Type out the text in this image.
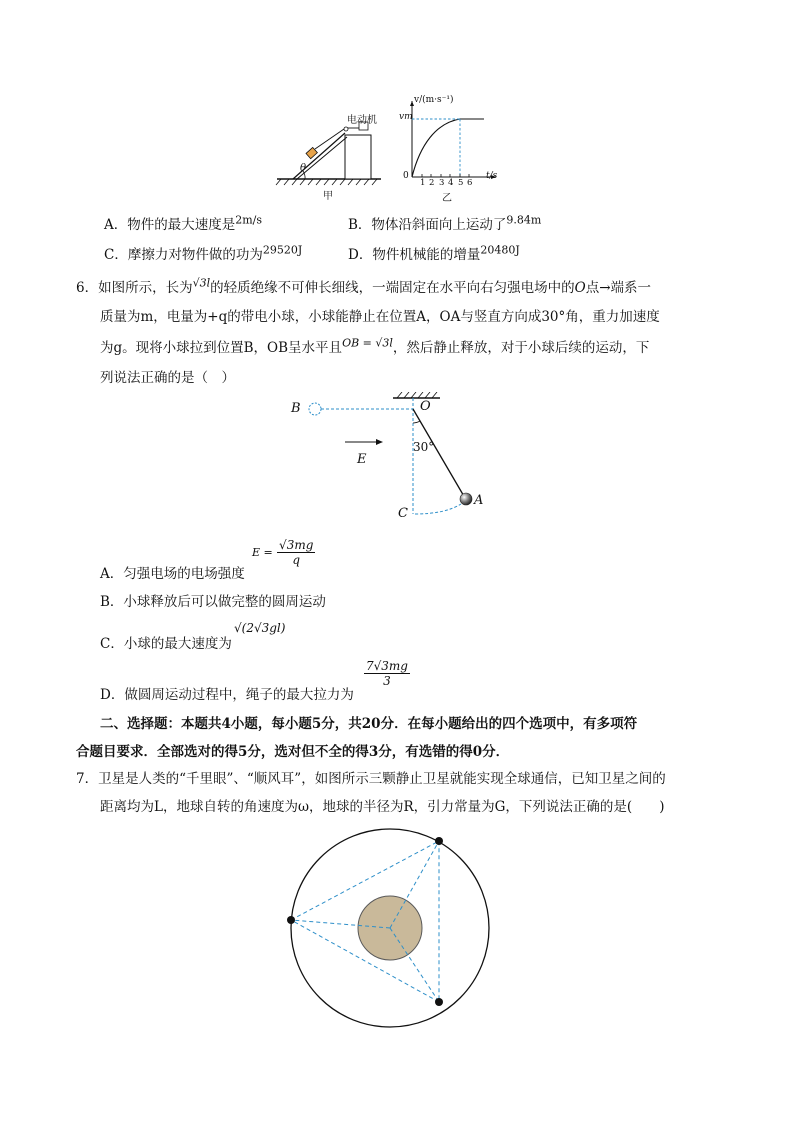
电动机
θ
甲
v/(m·s⁻¹)
vm
0
1 2 3 4 5 6
t/s
乙
A．物件的最大速度是$^{2m/s}$	B．物体沿斜面向上运动了$^{9.84m}$
C．摩擦力对物件做的功为$^{29520J}$	D．物件机械能的增量$^{20480J}$
6．如图所示，长为$^{√3l}$的轻质绝缘不可伸长细线，一端固定在水平向右匀强电场中的O点→端系一
质量为m，电量为+q的带电小球，小球能静止在位置A，OA与竖直方向成30°角，重力加速度
为g。现将小球拉到位置B，OB呈水平且$^{OB = √3l}$，然后静止释放，对于小球后续的运动，下
列说法正确的是（　）
B	O
E
30°
C
A
A．匀强电场的电场强度
$E = \frac{√3mg}{q}$
B．小球释放后可以做完整的圆周运动
C．小球的最大速度为
√(2√3gl)
D．做圆周运动过程中，绳子的最大拉力为
$\frac{7√3mg}{3}$
二、选择题：本题共4小题，每小题5分，共20分．在每小题给出的四个选项中，有多项符
合题目要求．全部选对的得5分，选对但不全的得3分，有选错的得0分．
7．卫星是人类的“千里眼”、“顺风耳”，如图所示三颗静止卫星就能实现全球通信，已知卫星之间的
距离均为L，地球自转的角速度为ω，地球的半径为R，引力常量为G，下列说法正确的是(　　)
